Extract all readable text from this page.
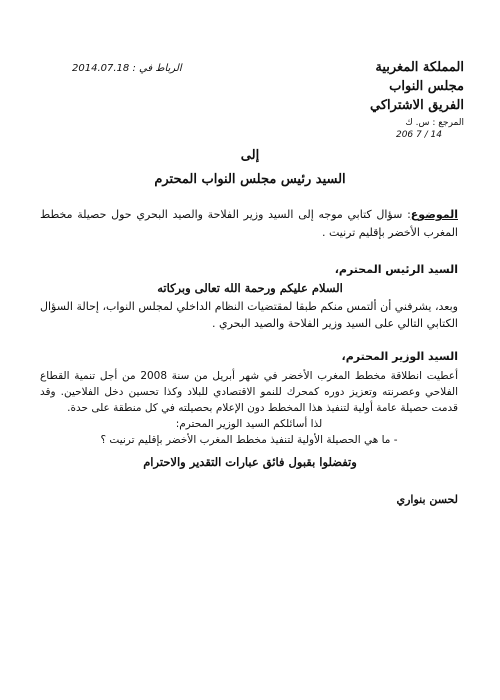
المملكة المغربية
مجلس النواب
الفريق الاشتراكي
المرجع : س. ك
14 / 7 206
الرباط في : 2014.07.18
إلى
السيد رئيس مجلس النواب المحترم
الموضوع: سؤال كتابي موجه إلى السيد وزير الفلاحة والصيد البحري حول حصيلة مخطط المغرب الأخضر بإقليم ترنيت .
السيد الرئيس المحترم،
السلام عليكم ورحمة الله تعالى وبركاته
وبعد، يشرفني أن ألتمس منكم طبقا لمقتضيات النظام الداخلي لمجلس النواب، إحالة السؤال الكتابي التالي على السيد وزير الفلاحة والصيد البحري .
السيد الوزير المحترم،
أعطيت انطلاقة مخطط المغرب الأخضر في شهر أبريل من سنة 2008 من أجل تنمية القطاع الفلاحي وعصرنته وتعزيز دوره كمحرك للنمو الاقتصادي للبلاد وكذا تحسين دخل الفلاحين. وقد قدمت حصيلة عامة أولية لتنفيذ هذا المخطط دون الإعلام بحصيلته في كل منطقة على حدة.
لذا أسائلكم السيد الوزير المحترم:
- ما هي الحصيلة الأولية لتنفيذ مخطط المغرب الأخضر بإقليم ترنيت ؟
وتفضلوا بقبول فائق عبارات التقدير والاحترام
لحسن بنواري
